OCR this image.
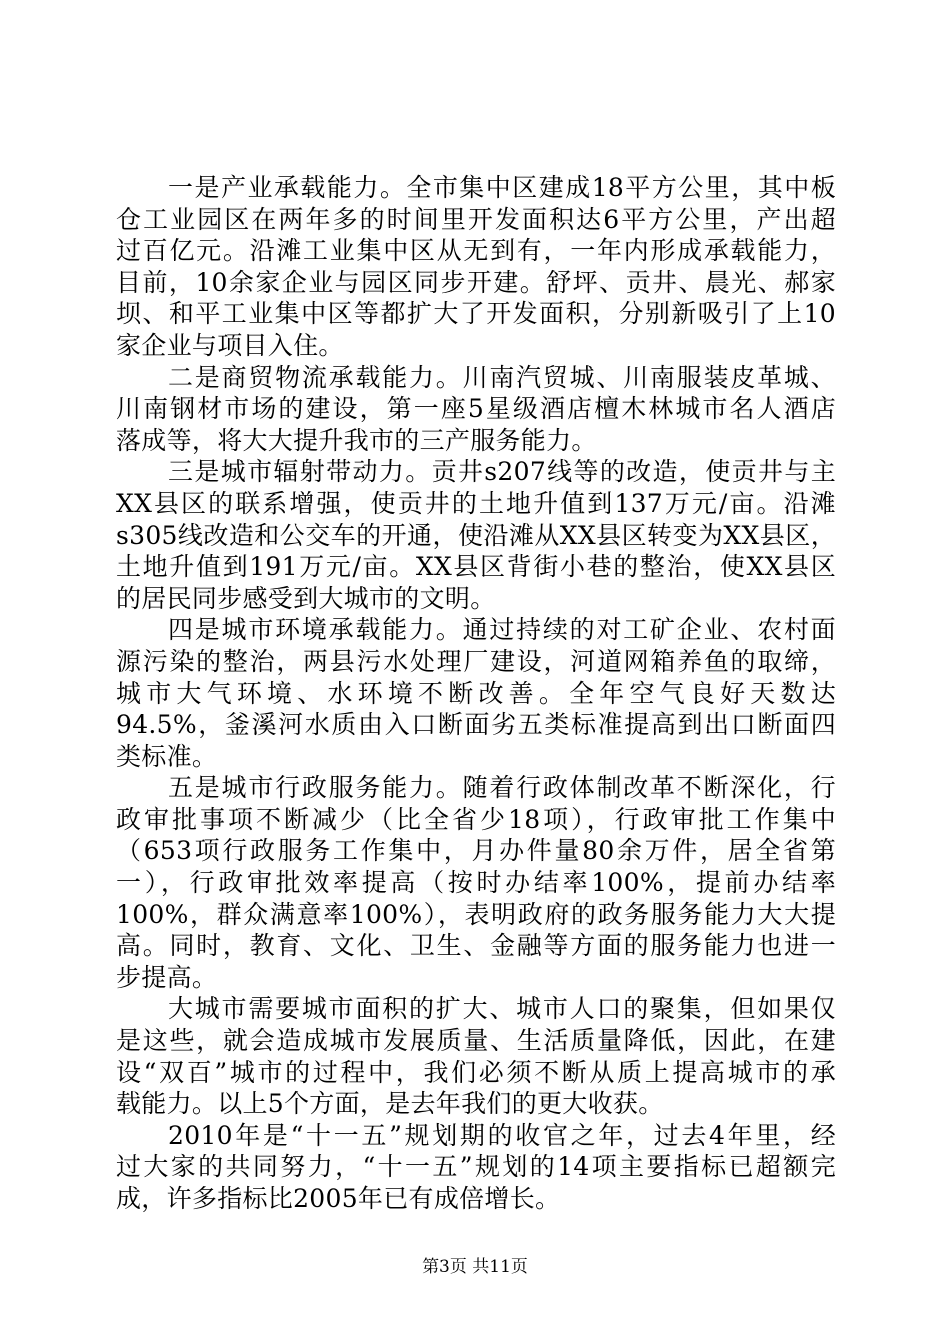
一是产业承载能力。全市集中区建成18平方公里，其中板
仓工业园区在两年多的时间里开发面积达6平方公里，产出超
过百亿元。沿滩工业集中区从无到有，一年内形成承载能力，
目前，10余家企业与园区同步开建。舒坪、贡井、晨光、郝家
坝、和平工业集中区等都扩大了开发面积，分别新吸引了上10
家企业与项目入住。
二是商贸物流承载能力。川南汽贸城、川南服装皮革城、
川南钢材市场的建设，第一座5星级酒店檀木林城市名人酒店
落成等，将大大提升我市的三产服务能力。
三是城市辐射带动力。贡井s207线等的改造，使贡井与主
XX县区的联系增强，使贡井的土地升值到137万元/亩。沿滩
s305线改造和公交车的开通，使沿滩从XX县区转变为XX县区，
土地升值到191万元/亩。XX县区背街小巷的整治，使XX县区
的居民同步感受到大城市的文明。
四是城市环境承载能力。通过持续的对工矿企业、农村面
源污染的整治，两县污水处理厂建设，河道网箱养鱼的取缔，
城市大气环境、水环境不断改善。全年空气良好天数达
94.5%，釜溪河水质由入口断面劣五类标准提高到出口断面四
类标准。
五是城市行政服务能力。随着行政体制改革不断深化，行
政审批事项不断减少（比全省少18项），行政审批工作集中
（653项行政服务工作集中，月办件量80余万件，居全省第
一），行政审批效率提高（按时办结率100%，提前办结率
100%，群众满意率100%），表明政府的政务服务能力大大提
高。同时，教育、文化、卫生、金融等方面的服务能力也进一
步提高。
大城市需要城市面积的扩大、城市人口的聚集，但如果仅
是这些，就会造成城市发展质量、生活质量降低，因此，在建
设“双百”城市的过程中，我们必须不断从质上提高城市的承
载能力。以上5个方面，是去年我们的更大收获。
2010年是“十一五”规划期的收官之年，过去4年里，经
过大家的共同努力，“十一五”规划的14项主要指标已超额完
成，许多指标比2005年已有成倍增长。
第3页 共11页
